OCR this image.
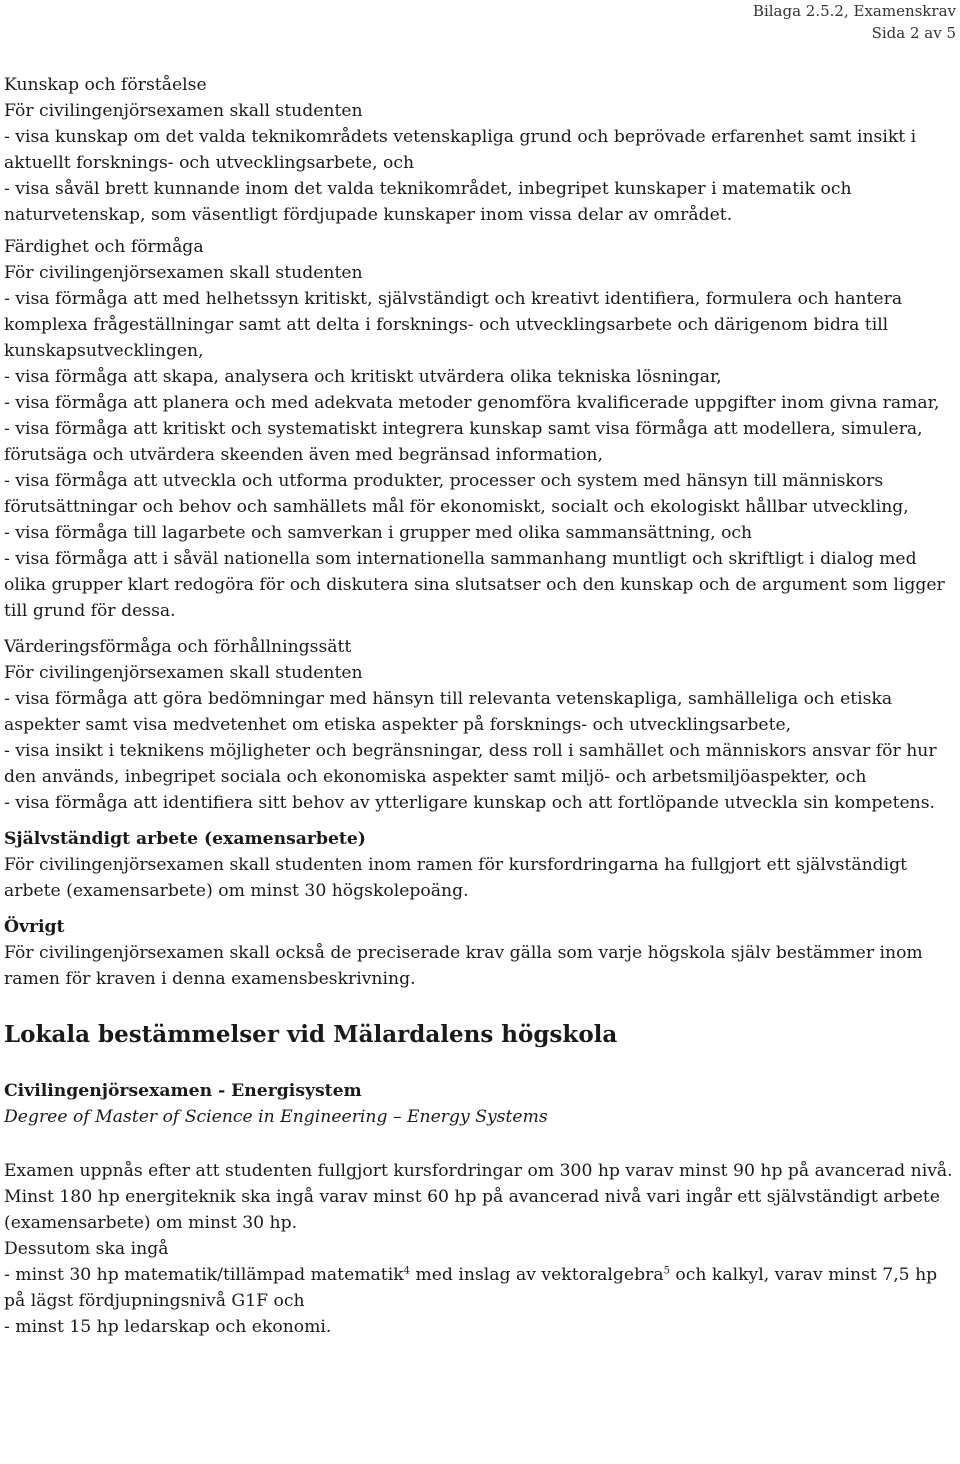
Bilaga 2.5.2, Examenskrav
Sida 2 av 5

Kunskap och förståelse

För civilingenjörsexamen skall studenten

- visa kunskap om det valda teknikområdets vetenskapliga grund och beprövade erfarenhet samt insikt i aktuellt forsknings- och utvecklingsarbete, och

- visa såväl brett kunnande inom det valda teknikområdet, inbegripet kunskaper i matematik och naturvetenskap, som väsentligt fördjupade kunskaper inom vissa delar av området.

Färdighet och förmåga

För civilingenjörsexamen skall studenten

- visa förmåga att med helhetssyn kritiskt, självständigt och kreativt identifiera, formulera och hantera komplexa frågeställningar samt att delta i forsknings- och utvecklingsarbete och därigenom bidra till kunskapsutvecklingen,

- visa förmåga att skapa, analysera och kritiskt utvärdera olika tekniska lösningar,

- visa förmåga att planera och med adekvata metoder genomföra kvalificerade uppgifter inom givna ramar,

- visa förmåga att kritiskt och systematiskt integrera kunskap samt visa förmåga att modellera, simulera, förutsäga och utvärdera skeenden även med begränsad information,

- visa förmåga att utveckla och utforma produkter, processer och system med hänsyn till människors förutsättningar och behov och samhällets mål för ekonomiskt, socialt och ekologiskt hållbar utveckling,

- visa förmåga till lagarbete och samverkan i grupper med olika sammansättning, och

- visa förmåga att i såväl nationella som internationella sammanhang muntligt och skriftligt i dialog med olika grupper klart redogöra för och diskutera sina slutsatser och den kunskap och de argument som ligger till grund för dessa.

Värderingsförmåga och förhållningssätt

För civilingenjörsexamen skall studenten

- visa förmåga att göra bedömningar med hänsyn till relevanta vetenskapliga, samhälleliga och etiska aspekter samt visa medvetenhet om etiska aspekter på forsknings- och utvecklingsarbete,

- visa insikt i teknikens möjligheter och begränsningar, dess roll i samhället och människors ansvar för hur den används, inbegripet sociala och ekonomiska aspekter samt miljö- och arbetsmiljöaspekter, och

- visa förmåga att identifiera sitt behov av ytterligare kunskap och att fortlöpande utveckla sin kompetens.

Självständigt arbete (examensarbete)

För civilingenjörsexamen skall studenten inom ramen för kursfordringarna ha fullgjort ett självständigt arbete (examensarbete) om minst 30 högskolepoäng.

Övrigt

För civilingenjörsexamen skall också de preciserade krav gälla som varje högskola själv bestämmer inom ramen för kraven i denna examensbeskrivning.

Lokala bestämmelser vid Mälardalens högskola

Civilingenjörsexamen - Energisystem

Degree of Master of Science in Engineering – Energy Systems

Examen uppnås efter att studenten fullgjort kursfordringar om 300 hp varav minst 90 hp på avancerad nivå. Minst 180 hp energiteknik ska ingå varav minst 60 hp på avancerad nivå vari ingår ett självständigt arbete (examensarbete) om minst 30 hp.

Dessutom ska ingå

- minst 30 hp matematik/tillämpad matematik$^4$ med inslag av vektoralgebra$^5$ och kalkyl, varav minst 7,5 hp på lägst fördjupningsnivå G1F och

- minst 15 hp ledarskap och ekonomi.
